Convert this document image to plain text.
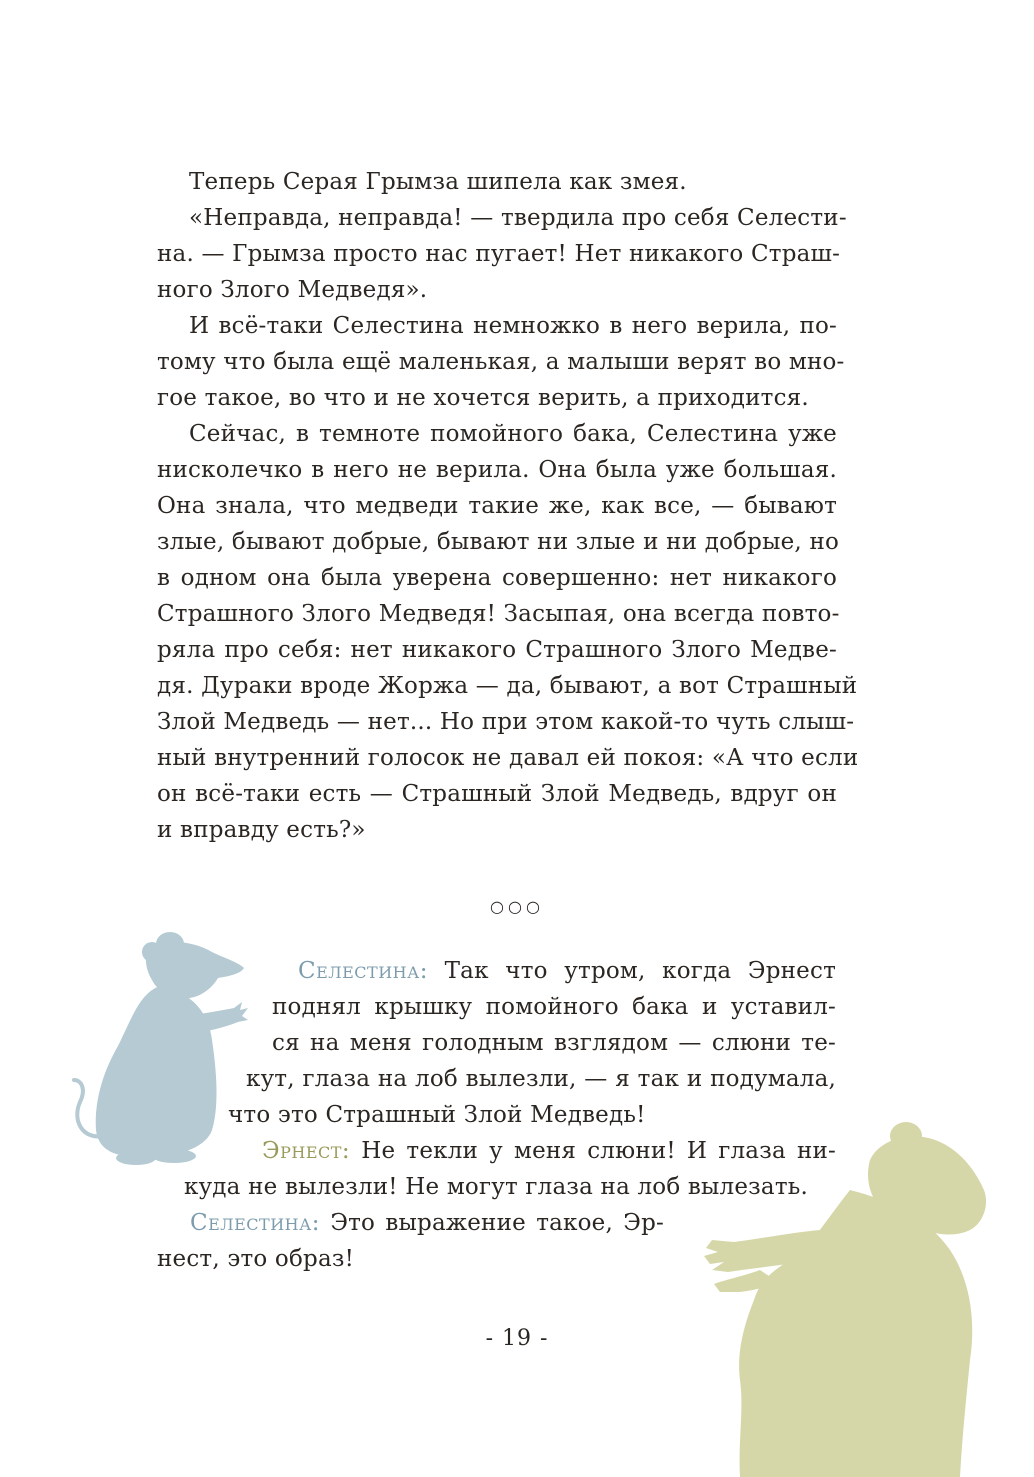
Теперь Серая Грымза шипела как змея.
«Неправда, неправда! — твердила про себя Селести-
на. — Грымза просто нас пугает! Нет никакого Страш-
ного Злого Медведя».
И всё-таки Селестина немножко в него верила, по-
тому что была ещё маленькая, а малыши верят во мно-
гое такое, во что и не хочется верить, а приходится.
Сейчас, в темноте помойного бака, Селестина уже
нисколечко в него не верила. Она была уже большая.
Она знала, что медведи такие же, как все, — бывают
злые, бывают добрые, бывают ни злые и ни добрые, но
в одном она была уверена совершенно: нет никакого
Страшного Злого Медведя! Засыпая, она всегда повто-
ряла про себя: нет никакого Страшного Злого Медве-
дя. Дураки вроде Жоржа — да, бывают, а вот Страшный
Злой Медведь — нет... Но при этом какой-то чуть слыш-
ный внутренний голосок не давал ей покоя: «А что если
он всё-таки есть — Страшный Злой Медведь, вдруг он
и вправду есть?»
○○○
Селестина: Так что утром, когда Эрнест
поднял крышку помойного бака и уставил-
ся на меня голодным взглядом — слюни те-
кут, глаза на лоб вылезли, — я так и подумала,
что это Страшный Злой Медведь!
Эрнест: Не текли у меня слюни! И глаза ни-
куда не вылезли! Не могут глаза на лоб вылезать.
Селестина: Это выражение такое, Эр-
нест, это образ!
- 19 -
